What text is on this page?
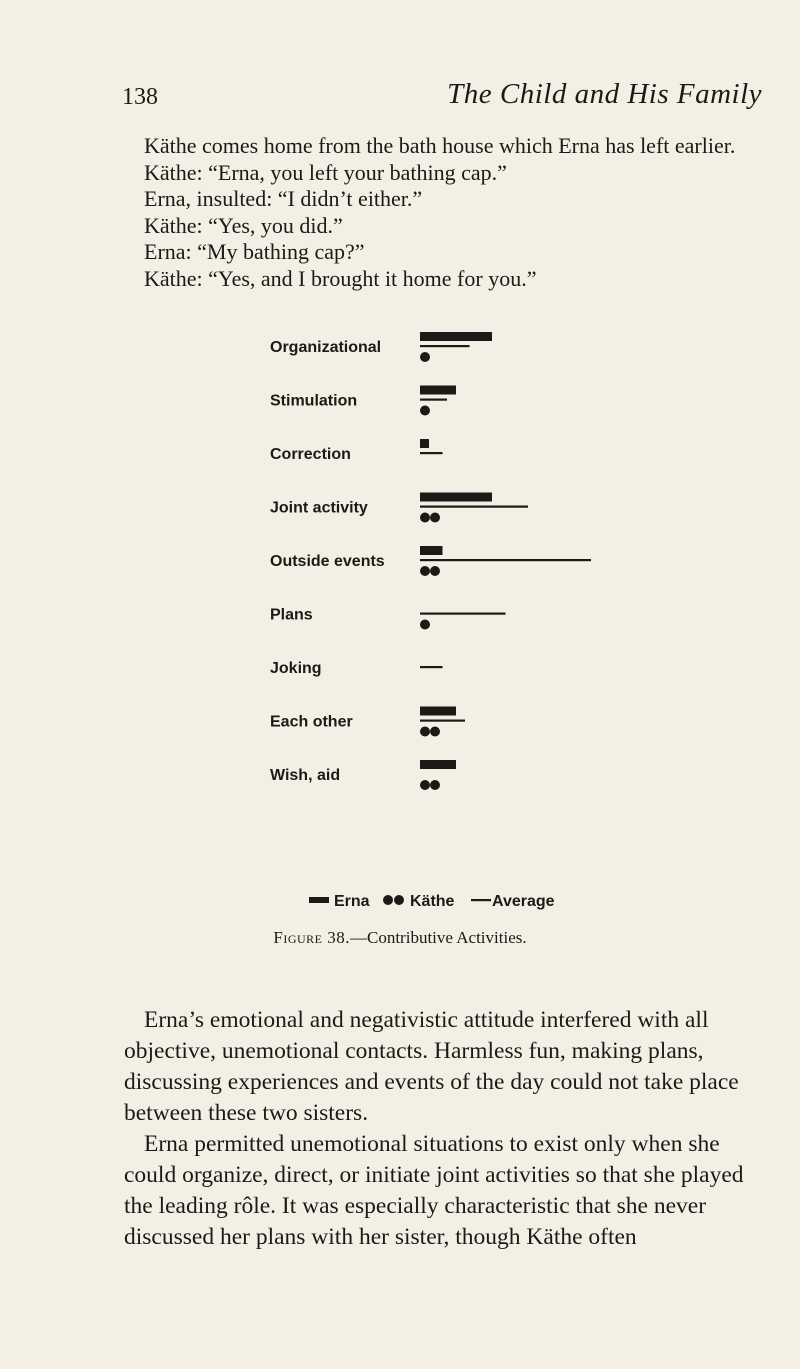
138	The Child and His Family

Käthe comes home from the bath house which Erna has left earlier.

Käthe: “Erna, you left your bathing cap.”

Erna, insulted: “I didn’t either.”

Käthe: “Yes, you did.”

Erna: “My bathing cap?”

Käthe: “Yes, and I brought it home for you.”

Organizational
Stimulation
Correction
Joint activity
Outside events
Plans
Joking
Each other
Wish, aid
Erna	Käthe Average
Figure 38.—Contributive Activities.

Erna’s emotional and negativistic attitude interfered with all objective, unemotional contacts. Harmless fun, making plans, discussing experiences and events of the day could not take place between these two sisters.

Erna permitted unemotional situations to exist only when she could organize, direct, or initiate joint activities so that she played the leading rôle. It was especially characteristic that she never discussed her plans with her sister, though Käthe often
